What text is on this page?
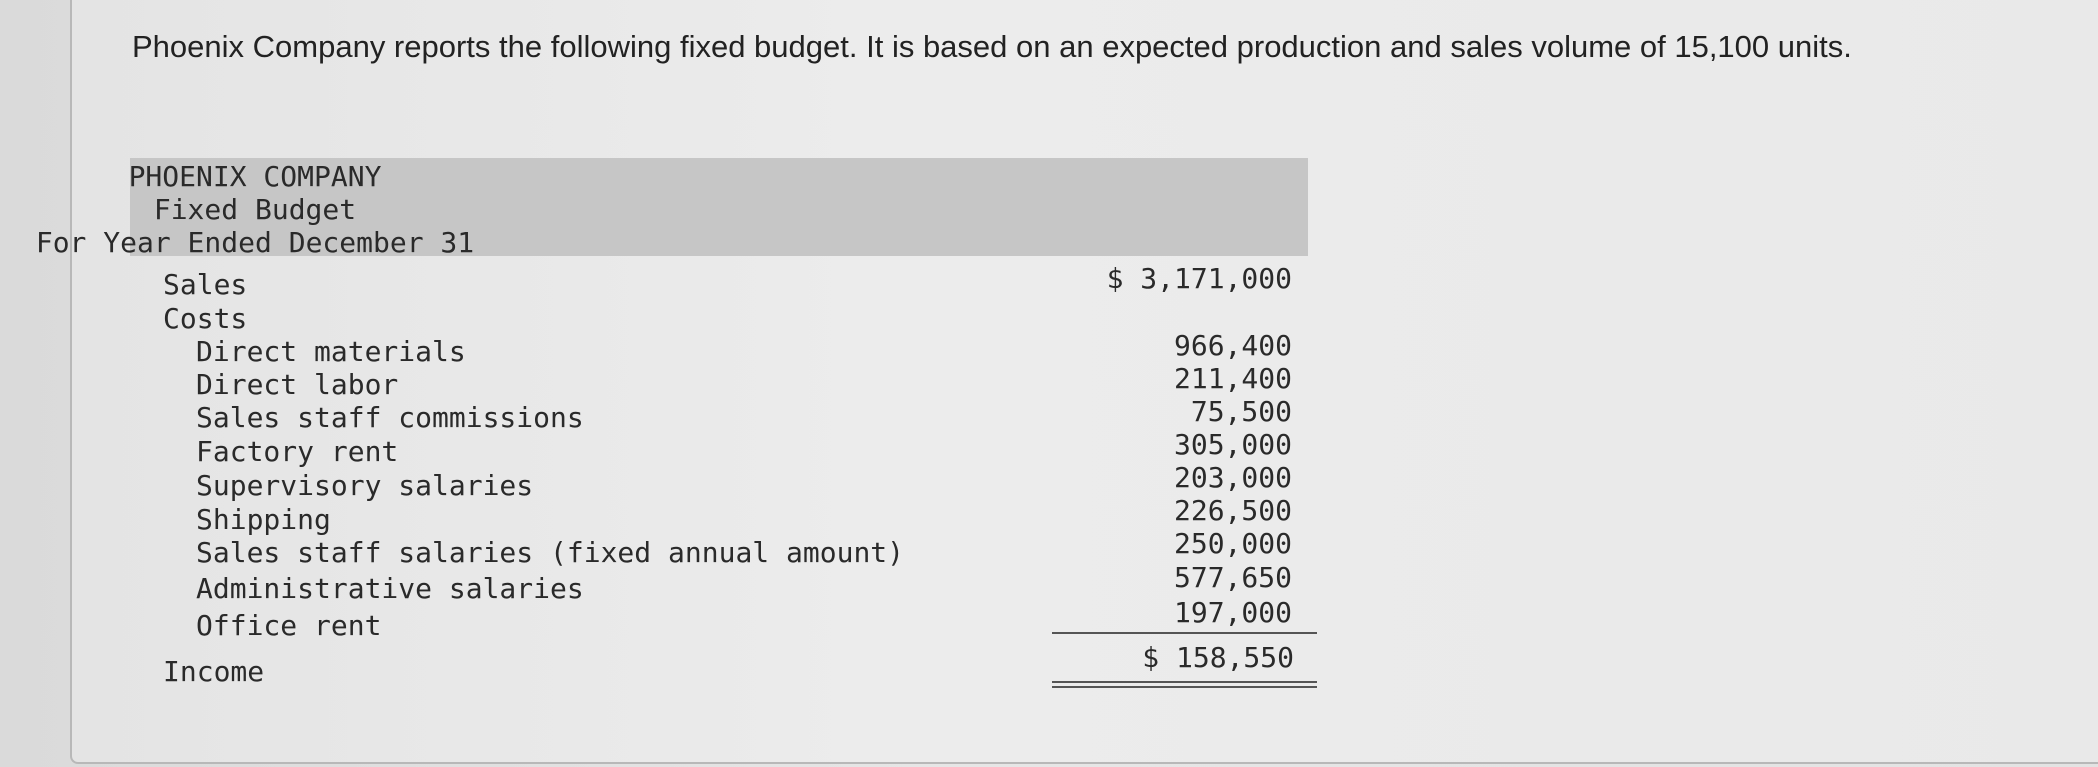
Phoenix Company reports the following fixed budget. It is based on an expected production and sales volume of 15,100 units.

PHOENIX COMPANY
Fixed Budget
For Year Ended December 31
Sales	$ 3,171,000
Costs
Direct materials	966,400
Direct labor	211,400
Sales staff commissions	75,500
Factory rent	305,000
Supervisory salaries	203,000
Shipping	226,500
Sales staff salaries (fixed annual amount)	250,000
Administrative salaries	577,650
Office rent	197,000
Income	$ 158,550
